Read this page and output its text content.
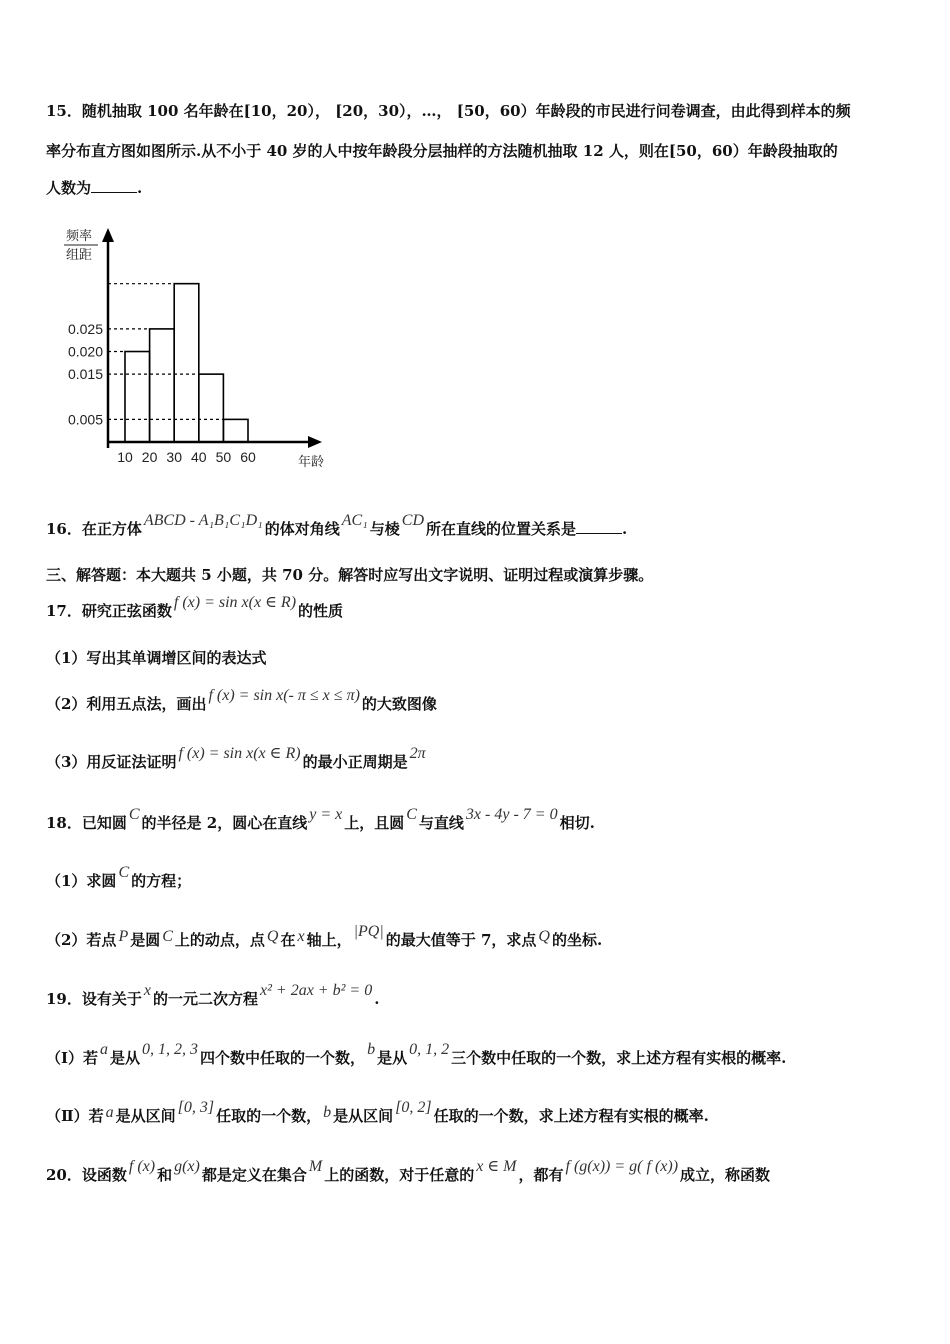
15．随机抽取 100 名年龄在[10，20）， [20，30），…， [50，60）年龄段的市民进行问卷调查，由此得到样本的频
率分布直方图如图所示.从不小于 40 岁的人中按年龄段分层抽样的方法随机抽取 12 人，则在[50，60）年龄段抽取的
人数为	.
频率
组距
0.025
0.020
0.015
0.005
10 20 30 40 50 60	年龄
16．在正方体 ABCD - A₁B₁C₁D₁ 的体对角线 AC₁ 与棱 CD 所在直线的位置关系是	.
三、解答题：本大题共 5 小题，共 70 分。解答时应写出文字说明、证明过程或演算步骤。
17．研究正弦函数 f (x) = sin x(x ∈ R) 的性质
（1）写出其单调增区间的表达式
（2）利用五点法，画出 f (x) = sin x(- π ≤ x ≤ π) 的大致图像
（3）用反证法证明 f (x) = sin x(x ∈ R) 的最小正周期是 2π
18．已知圆 C 的半径是 2，圆心在直线 y = x 上，且圆 C 与直线 3x - 4y - 7 = 0 相切.
（1）求圆 C 的方程；
（2）若点 P 是圆 C 上的动点，点 Q 在 x 轴上， |PQ| 的最大值等于 7，求点 Q 的坐标.
19．设有关于 x 的一元二次方程 x² + 2ax + b² = 0 .
（Ⅰ）若 a 是从 0, 1, 2, 3 四个数中任取的一个数， b 是从 0, 1, 2 三个数中任取的一个数，求上述方程有实根的概率.
（Ⅱ）若 a 是从区间 [0, 3] 任取的一个数， b 是从区间 [0, 2] 任取的一个数，求上述方程有实根的概率.
20．设函数 f (x) 和 g(x) 都是定义在集合 M 上的函数，对于任意的 x ∈ M ，都有 f (g(x)) = g( f (x)) 成立，称函数
